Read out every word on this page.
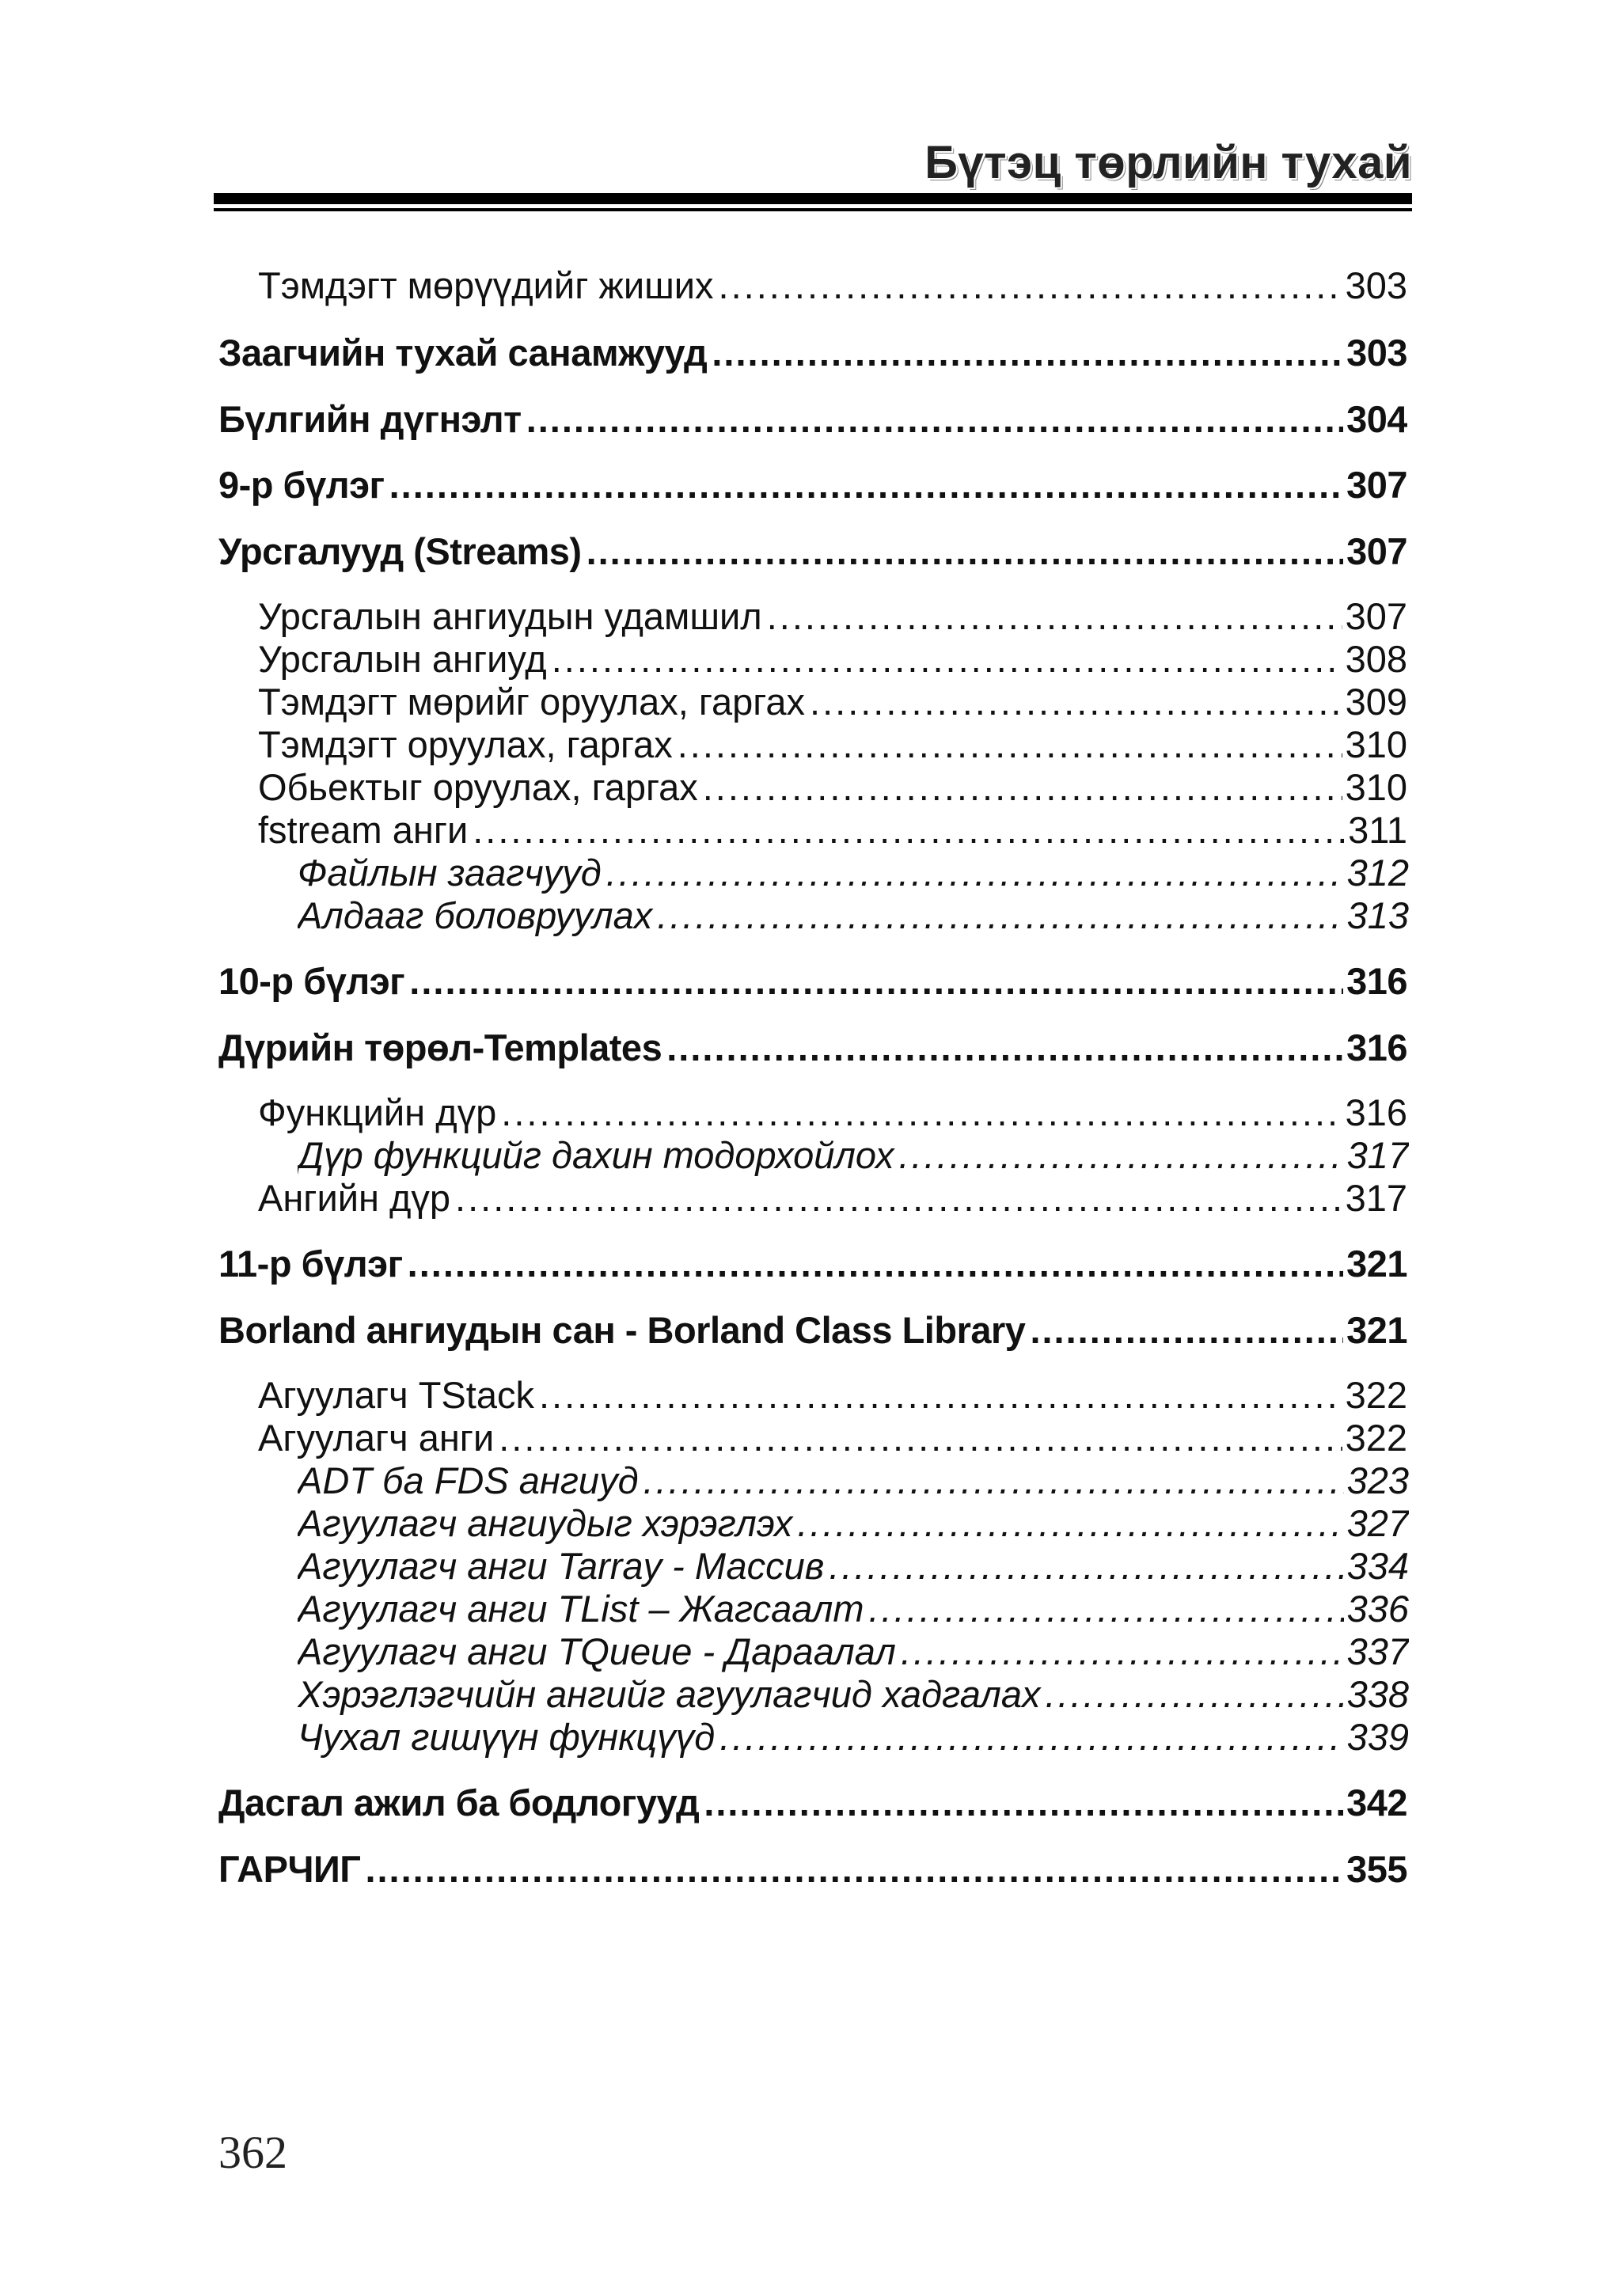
Бүтэц төрлийн тухай
Тэмдэгт мөрүүдийг жиших .....	303
Заагчийн тухай санамжууд .....	303
Бүлгийн дүгнэлт .....	304
9-р бүлэг .....	307
Урсгалууд (Streams) .....	307
Урсгалын ангиудын удамшил .....	307
Урсгалын ангиуд .....	308
Тэмдэгт мөрийг оруулах, гаргах .....	309
Тэмдэгт оруулах, гаргах .....	310
Обьектыг оруулах, гаргах .....	310
fstream анги .....	311
Файлын заагчууд .....	312
Алдааг боловруулах .....	313
10-р бүлэг .....	316
Дүрийн төрөл-Templates .....	316
Функцийн дүр .....	316
Дүр функцийг дахин тодорхойлох .....	317
Ангийн дүр .....	317
11-р бүлэг .....	321
Borland ангиудын сан - Borland Class Library .....	321
Агуулагч TStack .....	322
Агуулагч анги .....	322
ADT ба FDS ангиуд .....	323
Агуулагч ангиудыг хэрэглэх .....	327
Агуулагч анги Tarray - Массив .....	334
Агуулагч анги TList – Жагсаалт .....	336
Агуулагч анги TQueue - Дараалал .....	337
Хэрэглэгчийн ангийг агуулагчид хадгалах .....	338
Чухал гишүүн функцүүд .....	339
Дасгал ажил ба бодлогууд .....	342
ГАРЧИГ .....	355
362
